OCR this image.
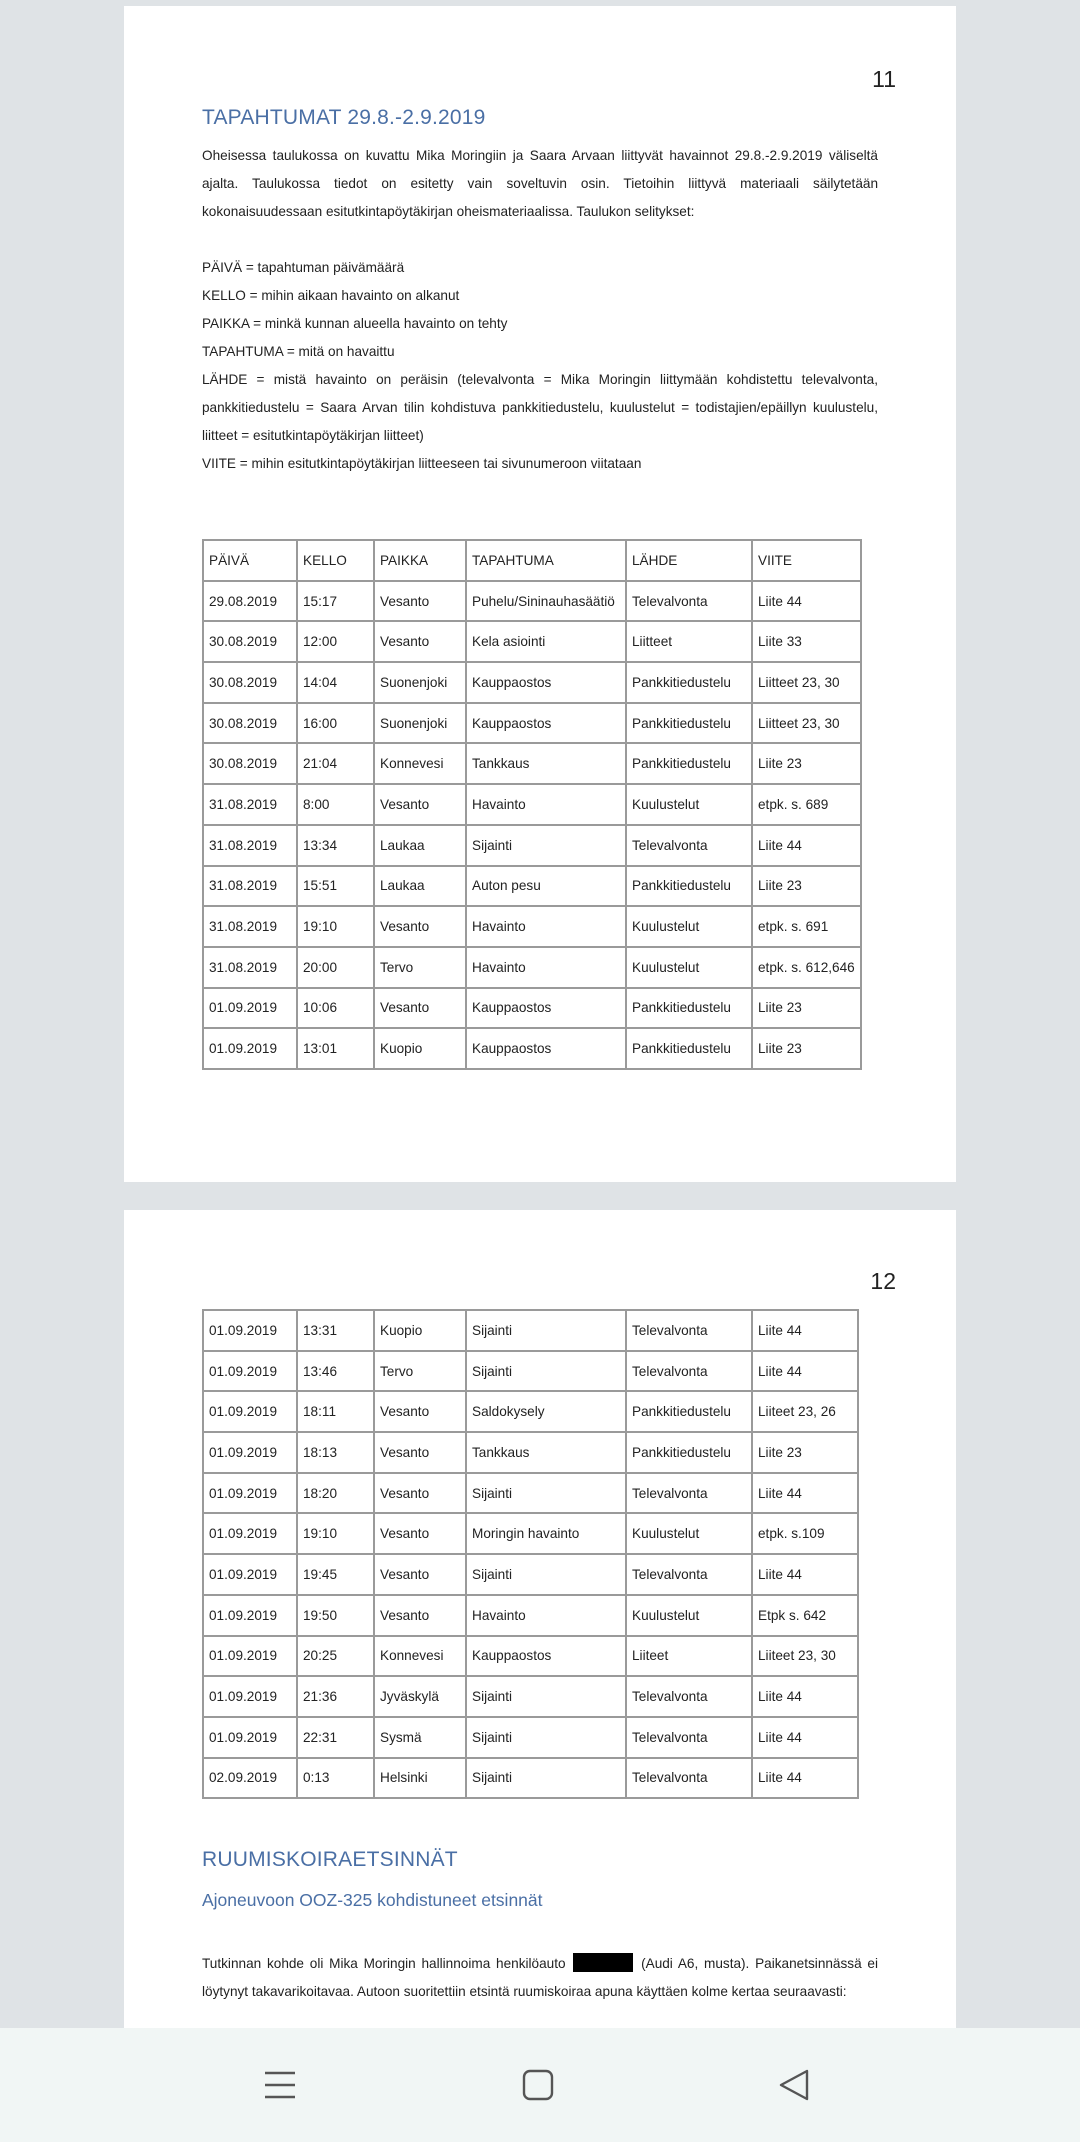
11
TAPAHTUMAT 29.8.-2.9.2019
Oheisessa taulukossa on kuvattu Mika Moringiin ja Saara Arvaan liittyvät havainnot 29.8.-2.9.2019 väliseltä ajalta. Taulukossa tiedot on esitetty vain soveltuvin osin. Tietoihin liittyvä materiaali säilytetään kokonaisuudessaan esitutkintapöytäkirjan oheismateriaalissa. Taulukon selitykset:
PÄIVÄ = tapahtuman päivämäärä
KELLO = mihin aikaan havainto on alkanut
PAIKKA = minkä kunnan alueella havainto on tehty
TAPAHTUMA = mitä on havaittu
LÄHDE = mistä havainto on peräisin (televalvonta = Mika Moringin liittymään kohdistettu televalvonta, pankkitiedustelu = Saara Arvan tilin kohdistuva pankkitiedustelu, kuulustelut = todistajien/epäillyn kuulustelu, liitteet = esitutkintapöytäkirjan liitteet)
VIITE = mihin esitutkintapöytäkirjan liitteeseen tai sivunumeroon viitataan
PÄIVÄ	KELLO	PAIKKA	TAPAHTUMA	LÄHDE	VIITE
29.08.2019	15:17	Vesanto	Puhelu/Sininauhasäätiö	Televalvonta	Liite 44
30.08.2019	12:00	Vesanto	Kela asiointi	Liitteet	Liite 33
30.08.2019	14:04	Suonenjoki	Kauppaostos	Pankkitiedustelu	Liitteet 23, 30
30.08.2019	16:00	Suonenjoki	Kauppaostos	Pankkitiedustelu	Liitteet 23, 30
30.08.2019	21:04	Konnevesi	Tankkaus	Pankkitiedustelu	Liite 23
31.08.2019	8:00	Vesanto	Havainto	Kuulustelut	etpk. s. 689
31.08.2019	13:34	Laukaa	Sijainti	Televalvonta	Liite 44
31.08.2019	15:51	Laukaa	Auton pesu	Pankkitiedustelu	Liite 23
31.08.2019	19:10	Vesanto	Havainto	Kuulustelut	etpk. s. 691
31.08.2019	20:00	Tervo	Havainto	Kuulustelut	etpk. s. 612,646
01.09.2019	10:06	Vesanto	Kauppaostos	Pankkitiedustelu	Liite 23
01.09.2019	13:01	Kuopio	Kauppaostos	Pankkitiedustelu	Liite 23
12
01.09.2019	13:31	Kuopio	Sijainti	Televalvonta	Liite 44
01.09.2019	13:46	Tervo	Sijainti	Televalvonta	Liite 44
01.09.2019	18:11	Vesanto	Saldokysely	Pankkitiedustelu	Liiteet 23, 26
01.09.2019	18:13	Vesanto	Tankkaus	Pankkitiedustelu	Liite 23
01.09.2019	18:20	Vesanto	Sijainti	Televalvonta	Liite 44
01.09.2019	19:10	Vesanto	Moringin havainto	Kuulustelut	etpk. s.109
01.09.2019	19:45	Vesanto	Sijainti	Televalvonta	Liite 44
01.09.2019	19:50	Vesanto	Havainto	Kuulustelut	Etpk s. 642
01.09.2019	20:25	Konnevesi	Kauppaostos	Liiteet	Liiteet 23, 30
01.09.2019	21:36	Jyväskylä	Sijainti	Televalvonta	Liite 44
01.09.2019	22:31	Sysmä	Sijainti	Televalvonta	Liite 44
02.09.2019	0:13	Helsinki	Sijainti	Televalvonta	Liite 44
RUUMISKOIRAETSINNÄT
Ajoneuvoon OOZ-325 kohdistuneet etsinnät
Tutkinnan kohde oli Mika Moringin hallinnoima henkilöauto	(Audi A6, musta). Paikanetsinnässä ei löytynyt takavarikoitavaa. Autoon suoritettiin etsintä ruumiskoiraa apuna käyttäen kolme kertaa seuraavasti:
